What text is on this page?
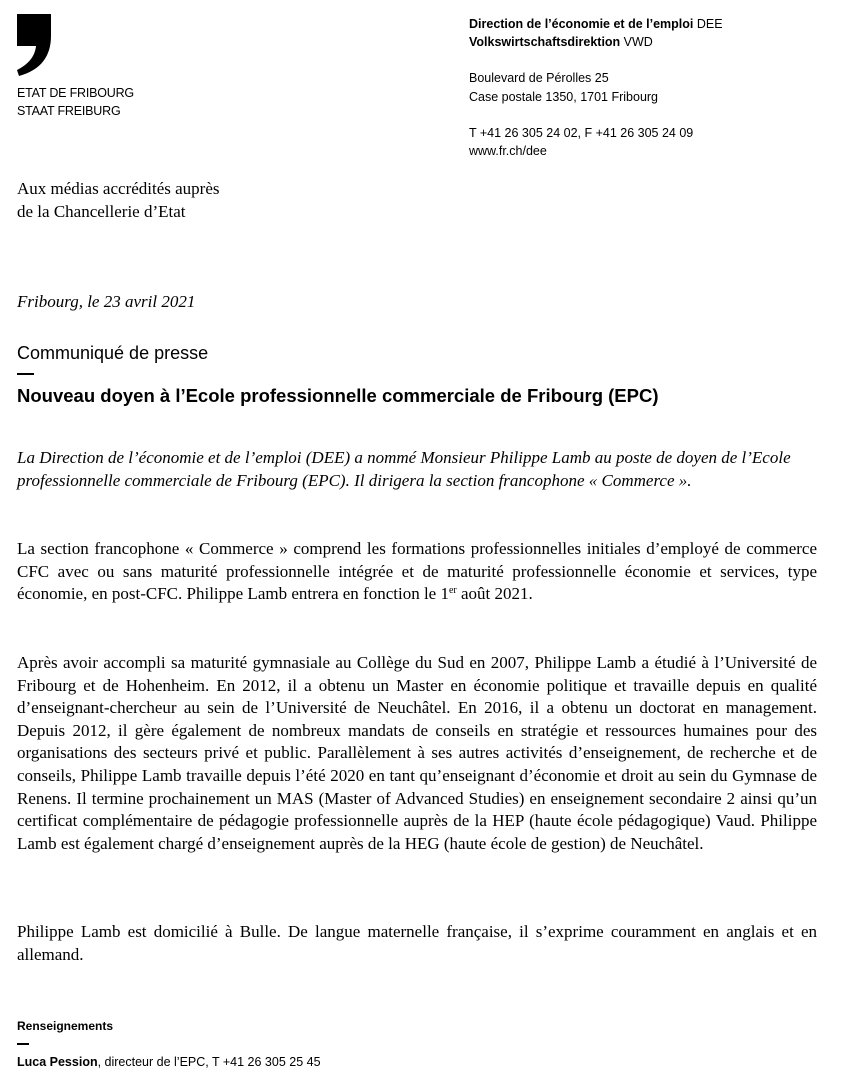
ETAT DE FRIBOURG
STAAT FREIBURG
Direction de l’économie et de l’emploi DEE
Volkswirtschaftsdirektion VWD
Boulevard de Pérolles 25
Case postale 1350, 1701 Fribourg
T +41 26 305 24 02, F +41 26 305 24 09
www.fr.ch/dee
Aux médias accrédités auprès
de la Chancellerie d’Etat
Fribourg, le 23 avril 2021
Communiqué de presse
Nouveau doyen à l’Ecole professionnelle commerciale de Fribourg (EPC)
La Direction de l’économie et de l’emploi (DEE) a nommé Monsieur Philippe Lamb au poste de doyen de l’Ecole professionnelle commerciale de Fribourg (EPC). Il dirigera la section francophone « Commerce ».
La section francophone « Commerce » comprend les formations professionnelles initiales d’employé de commerce CFC avec ou sans maturité professionnelle intégrée et de maturité professionnelle économie et services, type économie, en post-CFC. Philippe Lamb entrera en fonction le 1er août 2021.
Après avoir accompli sa maturité gymnasiale au Collège du Sud en 2007, Philippe Lamb a étudié à l’Université de Fribourg et de Hohenheim. En 2012, il a obtenu un Master en économie politique et travaille depuis en qualité d’enseignant-chercheur au sein de l’Université de Neuchâtel. En 2016, il a obtenu un doctorat en management. Depuis 2012, il gère également de nombreux mandats de conseils en stratégie et ressources humaines pour des organisations des secteurs privé et public. Parallèlement à ses autres activités d’enseignement, de recherche et de conseils, Philippe Lamb travaille depuis l’été 2020 en tant qu’enseignant d’économie et droit au sein du Gymnase de Renens. Il termine prochainement un MAS (Master of Advanced Studies) en enseignement secondaire 2 ainsi qu’un certificat complémentaire de pédagogie professionnelle auprès de la HEP (haute école pédagogique) Vaud. Philippe Lamb est également chargé d’enseignement auprès de la HEG (haute école de gestion) de Neuchâtel.
Philippe Lamb est domicilié à Bulle. De langue maternelle française, il s’exprime couramment en anglais et en allemand.
Renseignements
Luca Pession, directeur de l’EPC, T +41 26 305 25 45
